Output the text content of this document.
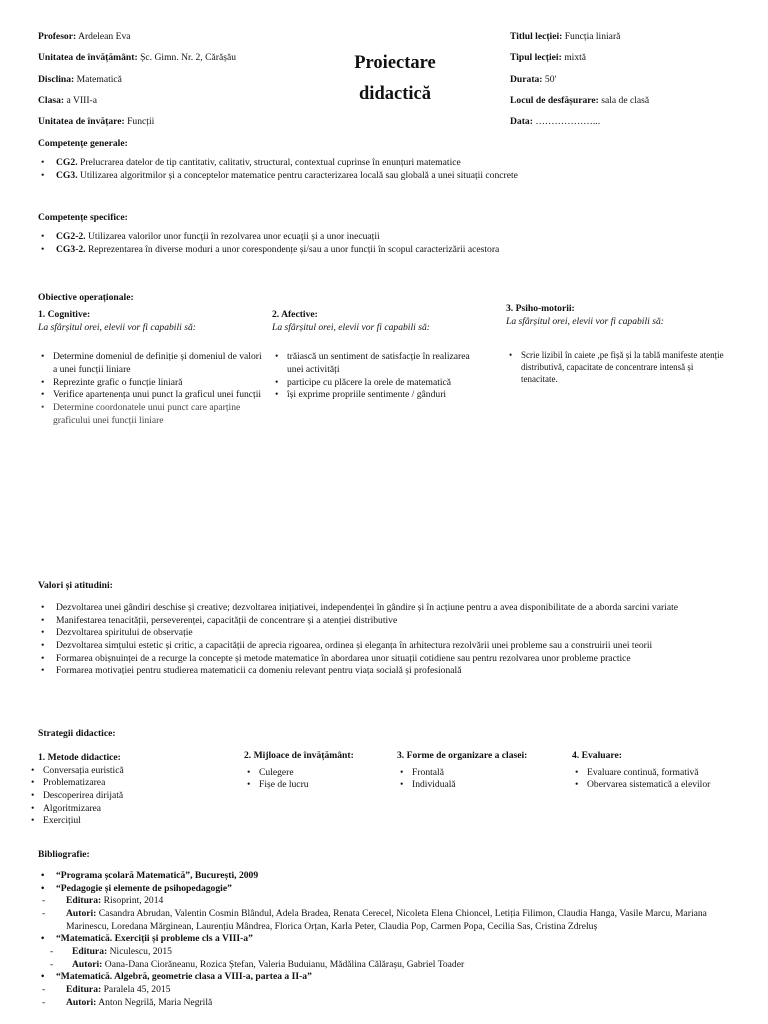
Profesor: Ardelean Eva
Unitatea de învățământ: Șc. Gimn. Nr. 2, Cărășău
Disclina: Matematică
Clasa: a VIII-a
Unitatea de învățare: Funcții
Proiectare
didactică
Titlul lecției: Funcția liniară
Tipul lecției: mixtă
Durata: 50'
Locul de desfășurare: sala de clasă
Data: ………………...
Competențe generale:
• CG2. Prelucrarea datelor de tip cantitativ, calitativ, structural, contextual cuprinse în enunțuri matematice
• CG3. Utilizarea algoritmilor și a conceptelor matematice pentru caracterizarea locală sau globală a unei situații concrete
Competențe specifice:
• CG2-2. Utilizarea valorilor unor funcții în rezolvarea unor ecuații și a unor inecuații
• CG3-2. Reprezentarea în diverse moduri a unor corespondențe și/sau a unor funcții în scopul caracterizării acestora
Obiective operaționale:
1. Cognitive:
La sfârșitul orei, elevii vor fi capabili să:
• Determine domeniul de definiție și domeniul de valori a unei funcții liniare
• Reprezinte grafic o funcție liniară
• Verifice apartenența unui punct la graficul unei funcții
• Determine coordonatele unui punct care aparține graficului unei funcții liniare
2. Afective:
La sfârșitul orei, elevii vor fi capabili să:
• trăiască un sentiment de satisfacție în realizarea unei activități
• participe cu plăcere la orele de matematică
• își exprime propriile sentimente / gânduri
3. Psiho-motorii:
La sfârșitul orei, elevii vor fi capabili să:
• Scrie lizibil în caiete ,pe fișă și la tablă manifeste atenție distributivă, capacitate de concentrare intensă și tenacitate.
Valori și atitudini:
• Dezvoltarea unei gândiri deschise și creative; dezvoltarea inițiativei, independenței în gândire și în acțiune pentru a avea disponibilitate de a aborda sarcini variate
• Manifestarea tenacității, perseverenței, capacității de concentrare și a atenției distributive
• Dezvoltarea spiritului de observație
• Dezvoltarea simțului estetic și critic, a capacității de aprecia rigoarea, ordinea și eleganța în arhitectura rezolvării unei probleme sau a construirii unei teorii
• Formarea obișnuinței de a recurge la concepte și metode matematice în abordarea unor situații cotidiene sau pentru rezolvarea unor probleme practice
• Formarea motivației pentru studierea matematicii ca domeniu relevant pentru viața socială și profesională
Strategii didactice:
1. Metode didactice:
• Conversația euristică
• Problematizarea
• Descoperirea dirijată
• Algoritmizarea
• Exercițiul
2. Mijloace de învățământ:
• Culegere
• Fișe de lucru
3. Forme de organizare a clasei:
• Frontală
• Individuală
4. Evaluare:
• Evaluare continuă, formativă
• Obervarea sistematică a elevilor
Bibliografie:
• “Programa școlară Matematică”, București, 2009
• “Pedagogie și elemente de psihopedagogie”
- Editura: Risoprint, 2014
- Autori: Casandra Abrudan, Valentin Cosmin Blândul, Adela Bradea, Renata Cerecel, Nicoleta Elena Chioncel, Letiția Filimon, Claudia Hanga, Vasile Marcu, Mariana Marinescu, Loredana Mărginean, Laurențiu Mândrea, Florica Orțan, Karla Peter, Claudia Pop, Carmen Popa, Cecilia Sas, Cristina Zdreluș
• “Matematică. Exerciții și probleme cls a VIII-a”
- Editura: Niculescu, 2015
- Autori: Oana-Dana Ciorăneanu, Rozica Ștefan, Valeria Buduianu, Mădălina Călărașu, Gabriel Toader
• “Matematică. Algebră, geometrie clasa a VIII-a, partea a II-a”
- Editura: Paralela 45, 2015
- Autori: Anton Negrilă, Maria Negrilă
